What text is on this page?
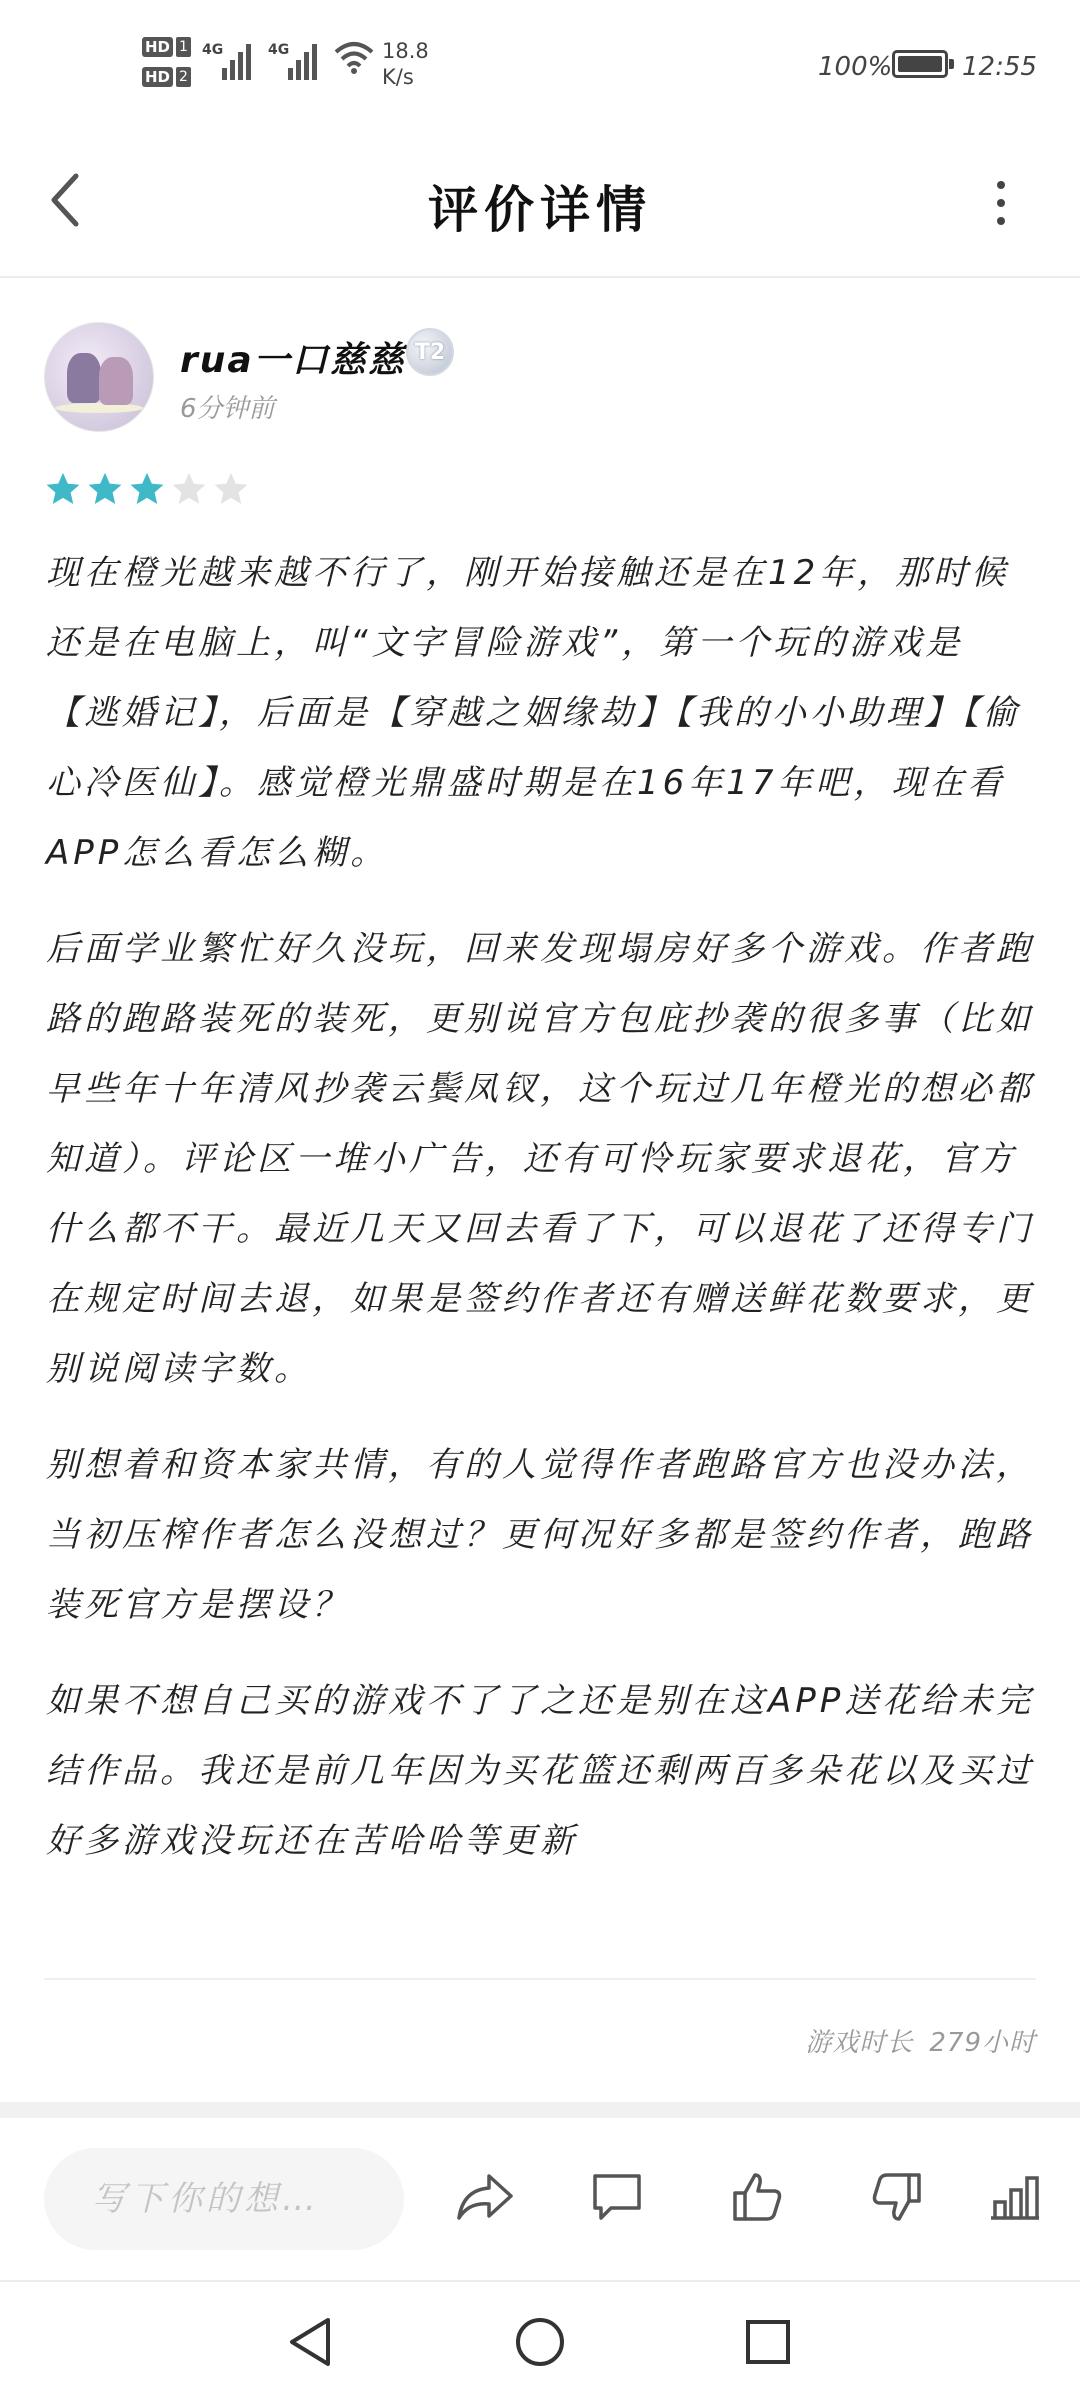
HD 1
HD 2
4G	4G	18.8
K/s	100%	12:55
评价详情
rua一口慈慈 T2
6分钟前

现在橙光越来越不行了，刚开始接触还是在12年，那时候还是在电脑上，叫“文字冒险游戏”，第一个玩的游戏是【逃婚记】，后面是【穿越之姻缘劫】【我的小小助理】【偷心冷医仙】。感觉橙光鼎盛时期是在16年17年吧，现在看APP怎么看怎么糊。

后面学业繁忙好久没玩，回来发现塌房好多个游戏。作者跑路的跑路装死的装死，更别说官方包庇抄袭的很多事（比如早些年十年清风抄袭云鬓凤钗，这个玩过几年橙光的想必都知道）。评论区一堆小广告，还有可怜玩家要求退花，官方什么都不干。最近几天又回去看了下，可以退花了还得专门在规定时间去退，如果是签约作者还有赠送鲜花数要求，更别说阅读字数。

别想着和资本家共情，有的人觉得作者跑路官方也没办法，当初压榨作者怎么没想过？更何况好多都是签约作者，跑路装死官方是摆设？

如果不想自己买的游戏不了了之还是别在这APP送花给未完结作品。我还是前几年因为买花篮还剩两百多朵花以及买过好多游戏没玩还在苦哈哈等更新

游戏时长 279小时
写下你的想…
